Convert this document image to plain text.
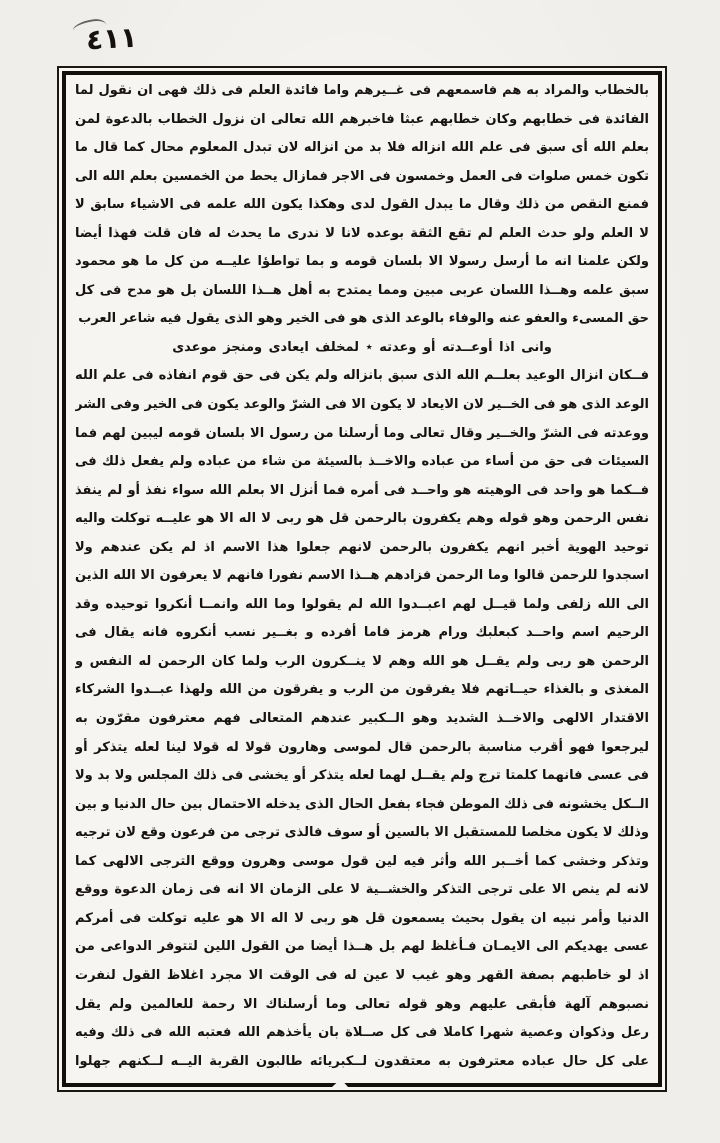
٤١١
بالخطاب والمراد به هم فاسمعهم فى غــيرهم واما فائدة العلم فى ذلك فهى ان نقول لما
الفائدة فى خطابهم وكان خطابهم عبثا فاخبرهم الله تعالى ان نزول الخطاب بالدعوة لمن
بعلم الله أى سبق فى علم الله انزاله فلا بد من انزاله لان تبدل المعلوم محال كما قال ما
تكون خمس صلوات فى العمل وخمسون فى الاجر فمازال يحط من الخمسين بعلم الله الى
فمنع النقص من ذلك وقال ما يبدل القول لدى وهكذا يكون الله علمه فى الاشياء سابق لا
لا العلم ولو حدث العلم لم تقع الثقة بوعده لانا لا ندرى ما يحدث له فان قلت فهذا أيضا
ولكن علمنا انه ما أرسل رسولا الا بلسان قومه و بما تواطؤا عليــه من كل ما هو محمود
سبق علمه وهــذا اللسان عربى مبين ومما يمتدح به أهل هــذا اللسان بل هو مدح فى كل
حق المسىء والعفو عنه والوفاء بالوعد الذى هو فى الخير وهو الذى يقول فيه شاعر العرب
وانى اذا أوعــدته أو وعدته ٭ لمخلف ايعادى ومنجز موعدى
فــكان انزال الوعيد بعلــم الله الذى سبق بانزاله ولم يكن فى حق قوم انفاذه فى علم الله
الوعد الذى هو فى الخــير لان الايعاد لا يكون الا فى الشرّ والوعد يكون فى الخير وفى الشر
ووعدته فى الشرّ والخــير وقال تعالى وما أرسلنا من رسول الا بلسان قومه ليبين لهم فما
السيئات فى حق من أساء من عباده والاخــذ بالسيئة من شاء من عباده ولم يفعل ذلك فى
فــكما هو واحد فى الوهيته هو واحــد فى أمره فما أنزل الا بعلم الله سواء نفذ أو لم ينفذ
نفس الرحمن وهو قوله وهم يكفرون بالرحمن قل هو ربى لا اله الا هو عليــه توكلت واليه
توحيد الهوية أخبر انهم يكفرون بالرحمن لانهم جعلوا هذا الاسم اذ لم يكن عندهم ولا
اسجدوا للرحمن قالوا وما الرحمن فزادهم هــذا الاسم نفورا فانهم لا يعرفون الا الله الذين
الى الله زلفى ولما قيــل لهم اعبــدوا الله لم يقولوا وما الله وانمــا أنكروا توحيده وقد
الرحيم اسم واحــد كبعلبك ورام هرمز فاما أفرده و بغــير نسب أنكروه فانه يقال فى
الرحمن هو ربى ولم يقــل هو الله وهم لا ينــكرون الرب ولما كان الرحمن له النفس و
المغذى و بالغذاء حيــاتهم فلا يفرقون من الرب و يفرقون من الله ولهذا عبــدوا الشركاء
الاقتدار الالهى والاخــذ الشديد وهو الــكبير عندهم المتعالى فهم معترفون مقرّون به
ليرجعوا فهو أقرب مناسبة بالرحمن قال لموسى وهارون قولا له قولا لينا لعله يتذكر أو
فى عسى فانهما كلمتا ترج ولم يقــل لهما لعله يتذكر أو يخشى فى ذلك المجلس ولا بد ولا
الــكل يخشونه فى ذلك الموطن فجاء بفعل الحال الذى يدخله الاحتمال بين حال الدنيا و بين
وذلك لا يكون مخلصا للمستقبل الا بالسين أو سوف فالذى ترجى من فرعون وقع لان ترجيه
وتذكر وخشى كما أخــبر الله وأثر فيه لين قول موسى وهرون ووقع الترجى الالهى كما
لانه لم ينص الا على ترجى التذكر والخشــية لا على الزمان الا انه فى زمان الدعوة ووقع
الدنيا وأمر نبيه ان يقول بحيث يسمعون قل هو ربى لا اله الا هو عليه توكلت فى أمركم
عسى يهديكم الى الايمـان فـأغلظ لهم بل هــذا أيضا من القول اللين لتتوفر الدواعى من
اذ لو خاطبهم بصفة القهر وهو غيب لا عين له فى الوقت الا مجرد اغلاظ القول لنفرت
نصبوهم آلهة فأبقى عليهم وهو قوله تعالى وما أرسلناك الا رحمة للعالمين ولم يقل
رعل وذكوان وعصية شهرا كاملا فى كل صــلاة بان يأخذهم الله فعتبه الله فى ذلك وفيه
على كل حال عباده معترفون به معتقدون لــكبريائه طالبون القربة اليــه لــكنهم جهلوا
